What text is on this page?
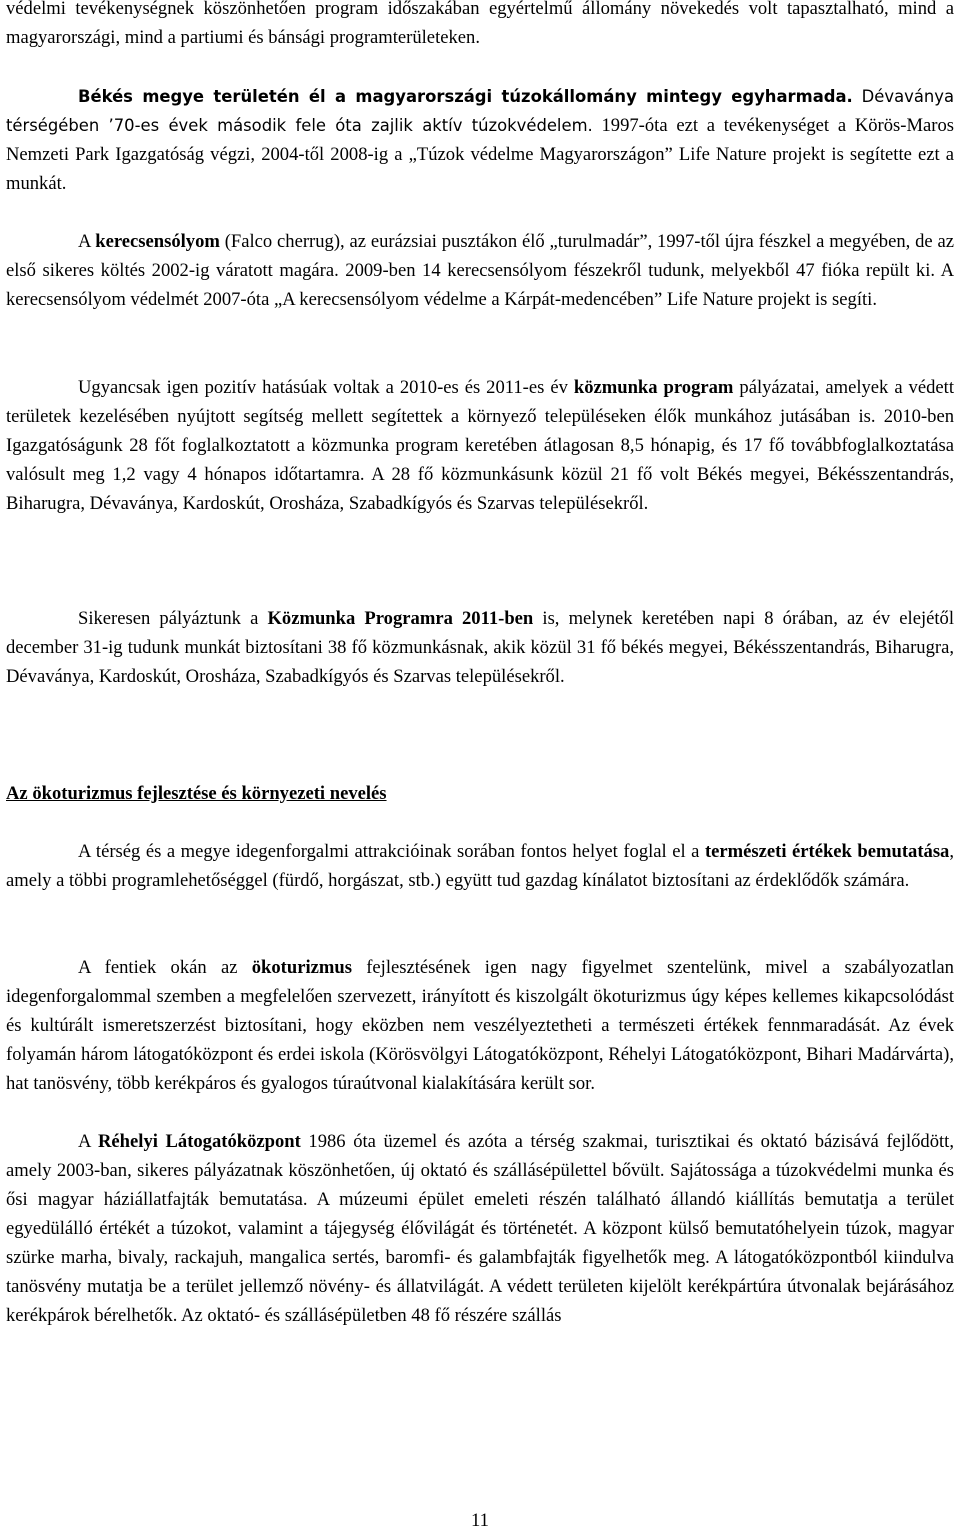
védelmi tevékenységnek köszönhetően program időszakában egyértelmű állomány növekedés volt tapasztalható, mind a magyarországi, mind a partiumi és bánsági programterületeken.

Békés megye területén él a magyarországi túzokállomány mintegy egyharmada. Dévaványa térségében ’70-es évek második fele óta zajlik aktív túzokvédelem. 1997-óta ezt a tevékenységet a Körös-Maros Nemzeti Park Igazgatóság végzi, 2004-től 2008-ig a „Túzok védelme Magyarországon” Life Nature projekt is segítette ezt a munkát.

A kerecsensólyom (Falco cherrug), az eurázsiai pusztákon élő „turulmadár”, 1997-től újra fészkel a megyében, de az első sikeres költés 2002-ig váratott magára. 2009-ben 14 kerecsensólyom fészekről tudunk, melyekből 47 fióka repült ki. A kerecsensólyom védelmét 2007-óta „A kerecsensólyom védelme a Kárpát-medencében” Life Nature projekt is segíti.

Ugyancsak igen pozitív hatásúak voltak a 2010-es és 2011-es év közmunka program pályázatai, amelyek a védett területek kezelésében nyújtott segítség mellett segítettek a környező településeken élők munkához jutásában is. 2010-ben Igazgatóságunk 28 főt foglalkoztatott a közmunka program keretében átlagosan 8,5 hónapig, és 17 fő továbbfoglalkoztatása valósult meg 1,2 vagy 4 hónapos időtartamra. A 28 fő közmunkásunk közül 21 fő volt Békés megyei, Békésszentandrás, Biharugra, Dévaványa, Kardoskút, Orosháza, Szabadkígyós és Szarvas településekről.

Sikeresen pályáztunk a Közmunka Programra 2011-ben is, melynek keretében napi 8 órában, az év elejétől december 31-ig tudunk munkát biztosítani 38 fő közmunkásnak, akik közül 31 fő békés megyei, Békésszentandrás, Biharugra, Dévaványa, Kardoskút, Orosháza, Szabadkígyós és Szarvas településekről.

Az ökoturizmus fejlesztése és környezeti nevelés

A térség és a megye idegenforgalmi attrakcióinak sorában fontos helyet foglal el a természeti értékek bemutatása, amely a többi programlehetőséggel (fürdő, horgászat, stb.) együtt tud gazdag kínálatot biztosítani az érdeklődők számára.

A fentiek okán az ökoturizmus fejlesztésének igen nagy figyelmet szentelünk, mivel a szabályozatlan idegenforgalommal szemben a megfelelően szervezett, irányított és kiszolgált ökoturizmus úgy képes kellemes kikapcsolódást és kultúrált ismeretszerzést biztosítani, hogy eközben nem veszélyeztetheti a természeti értékek fennmaradását. Az évek folyamán három látogatóközpont és erdei iskola (Körösvölgyi Látogatóközpont, Réhelyi Látogatóközpont, Bihari Madárvárta), hat tanösvény, több kerékpáros és gyalogos túraútvonal kialakítására került sor.

A Réhelyi Látogatóközpont 1986 óta üzemel és azóta a térség szakmai, turisztikai és oktató bázisává fejlődött, amely 2003-ban, sikeres pályázatnak köszönhetően, új oktató és szállásépülettel bővült. Sajátossága a túzokvédelmi munka és ősi magyar háziállatfajták bemutatása. A múzeumi épület emeleti részén található állandó kiállítás bemutatja a terület egyedülálló értékét a túzokot, valamint a tájegység élővilágát és történetét. A központ külső bemutatóhelyein túzok, magyar szürke marha, bivaly, rackajuh, mangalica sertés, baromfi- és galambfajták figyelhetők meg. A látogatóközpontból kiindulva tanösvény mutatja be a terület jellemző növény- és állatvilágát. A védett területen kijelölt kerékpártúra útvonalak bejárásához kerékpárok bérelhetők. Az oktató- és szállásépületben 48 fő részére szállás

11
